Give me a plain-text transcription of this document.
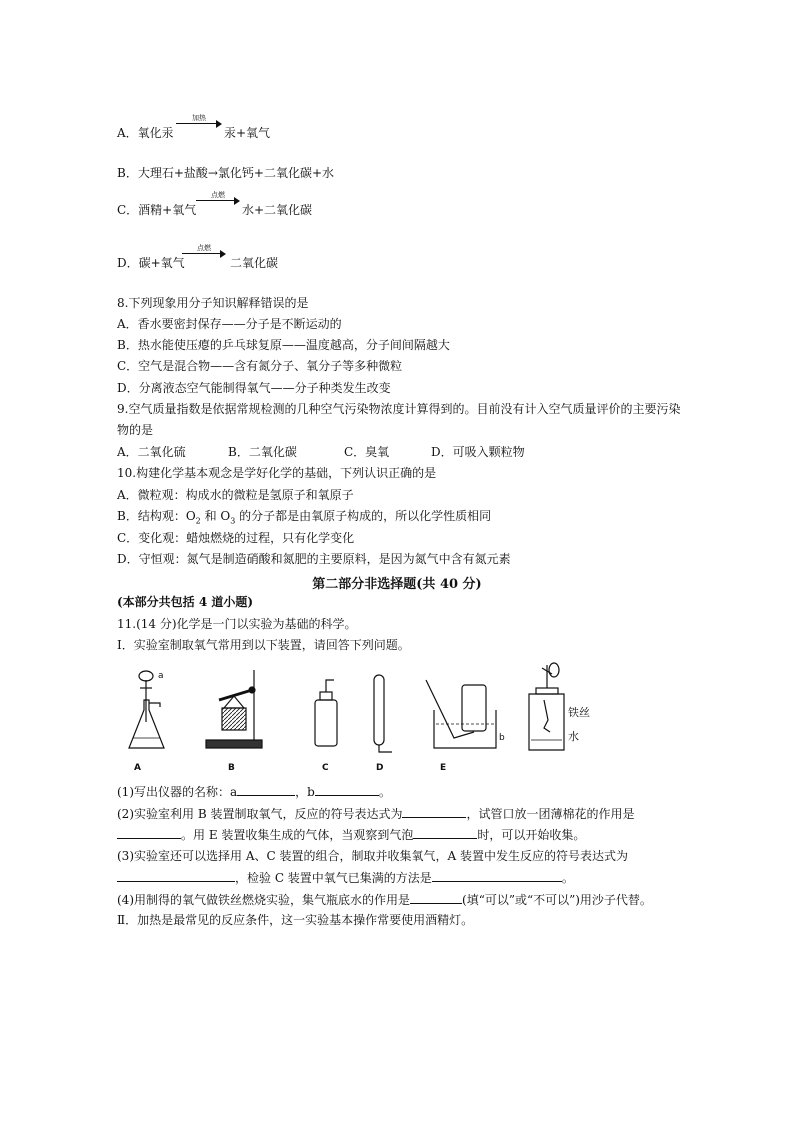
A．氧化汞
加热
汞+氧气
B．大理石+盐酸→氯化钙+二氧化碳+水
C．酒精+氧气
点燃
水+二氧化碳
D．碳+氧气
点燃
二氧化碳
8.下列现象用分子知识解释错误的是
A．香水要密封保存——分子是不断运动的
B．热水能使压瘪的乒乓球复原——温度越高，分子间间隔越大
C．空气是混合物——含有氮分子、氧分子等多种微粒
D．分离液态空气能制得氧气——分子种类发生改变
9.空气质量指数是依据常规检测的几种空气污染物浓度计算得到的。目前没有计入空气质量评价的主要污染
物的是
A．二氧化硫	B．二氧化碳	C．臭氧	D．可吸入颗粒物
10.构建化学基本观念是学好化学的基础，下列认识正确的是
A．微粒观：构成水的微粒是氢原子和氧原子
B．结构观：$O_2$ 和 $O_3$ 的分子都是由氧原子构成的，所以化学性质相同
C．变化观：蜡烛燃烧的过程，只有化学变化
D．守恒观：氮气是制造硝酸和氮肥的主要原料，是因为氮气中含有氮元素
第二部分非选择题(共 40 分)
(本部分共包括 4 道小题)
11.(14 分)化学是一门以实验为基础的科学。
Ⅰ．实验室制取氧气常用到以下装置，请回答下列问题。
a
A	B	C	D
b
E
铁丝
水
(1)写出仪器的名称：a	，b	。
(2)实验室利用 B 装置制取氧气，反应的符号表达式为	，试管口放一团薄棉花的作用是
。用 E 装置收集生成的气体，当观察到气泡	时，可以开始收集。
(3)实验室还可以选择用 A、C 装置的组合，制取并收集氧气，A 装置中发生反应的符号表达式为
，检验 C 装置中氧气已集满的方法是	。
(4)用制得的氧气做铁丝燃烧实验，集气瓶底水的作用是	(填“可以”或“不可以”)用沙子代替。
Ⅱ．加热是最常见的反应条件，这一实验基本操作常要使用酒精灯。
